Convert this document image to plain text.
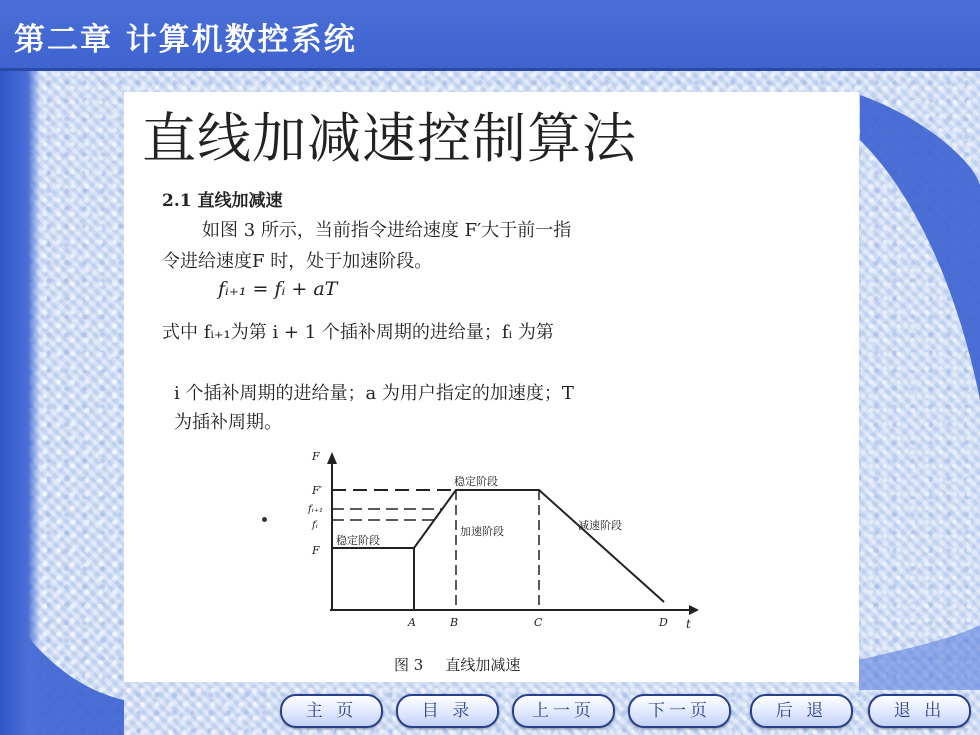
第二章 计算机数控系统
直线加减速控制算法
2.1 直线加减速
如图 3 所示，当前指令进给速度 F′大于前一指
令进给速度F 时，处于加速阶段。
fᵢ₊₁ = fᵢ + aT
式中 fᵢ₊₁为第 i + 1 个插补周期的进给量；fᵢ 为第
i 个插补周期的进给量；a 为用户指定的加速度；T
为插补周期。
F
t
F′
fᵢ₊₁
fᵢ
F
稳定阶段
稳定阶段
加速阶段	减速阶段
A	B	C	D
图 3 直线加减速
主 页	目 录	上一页	下一页	后 退	退 出
